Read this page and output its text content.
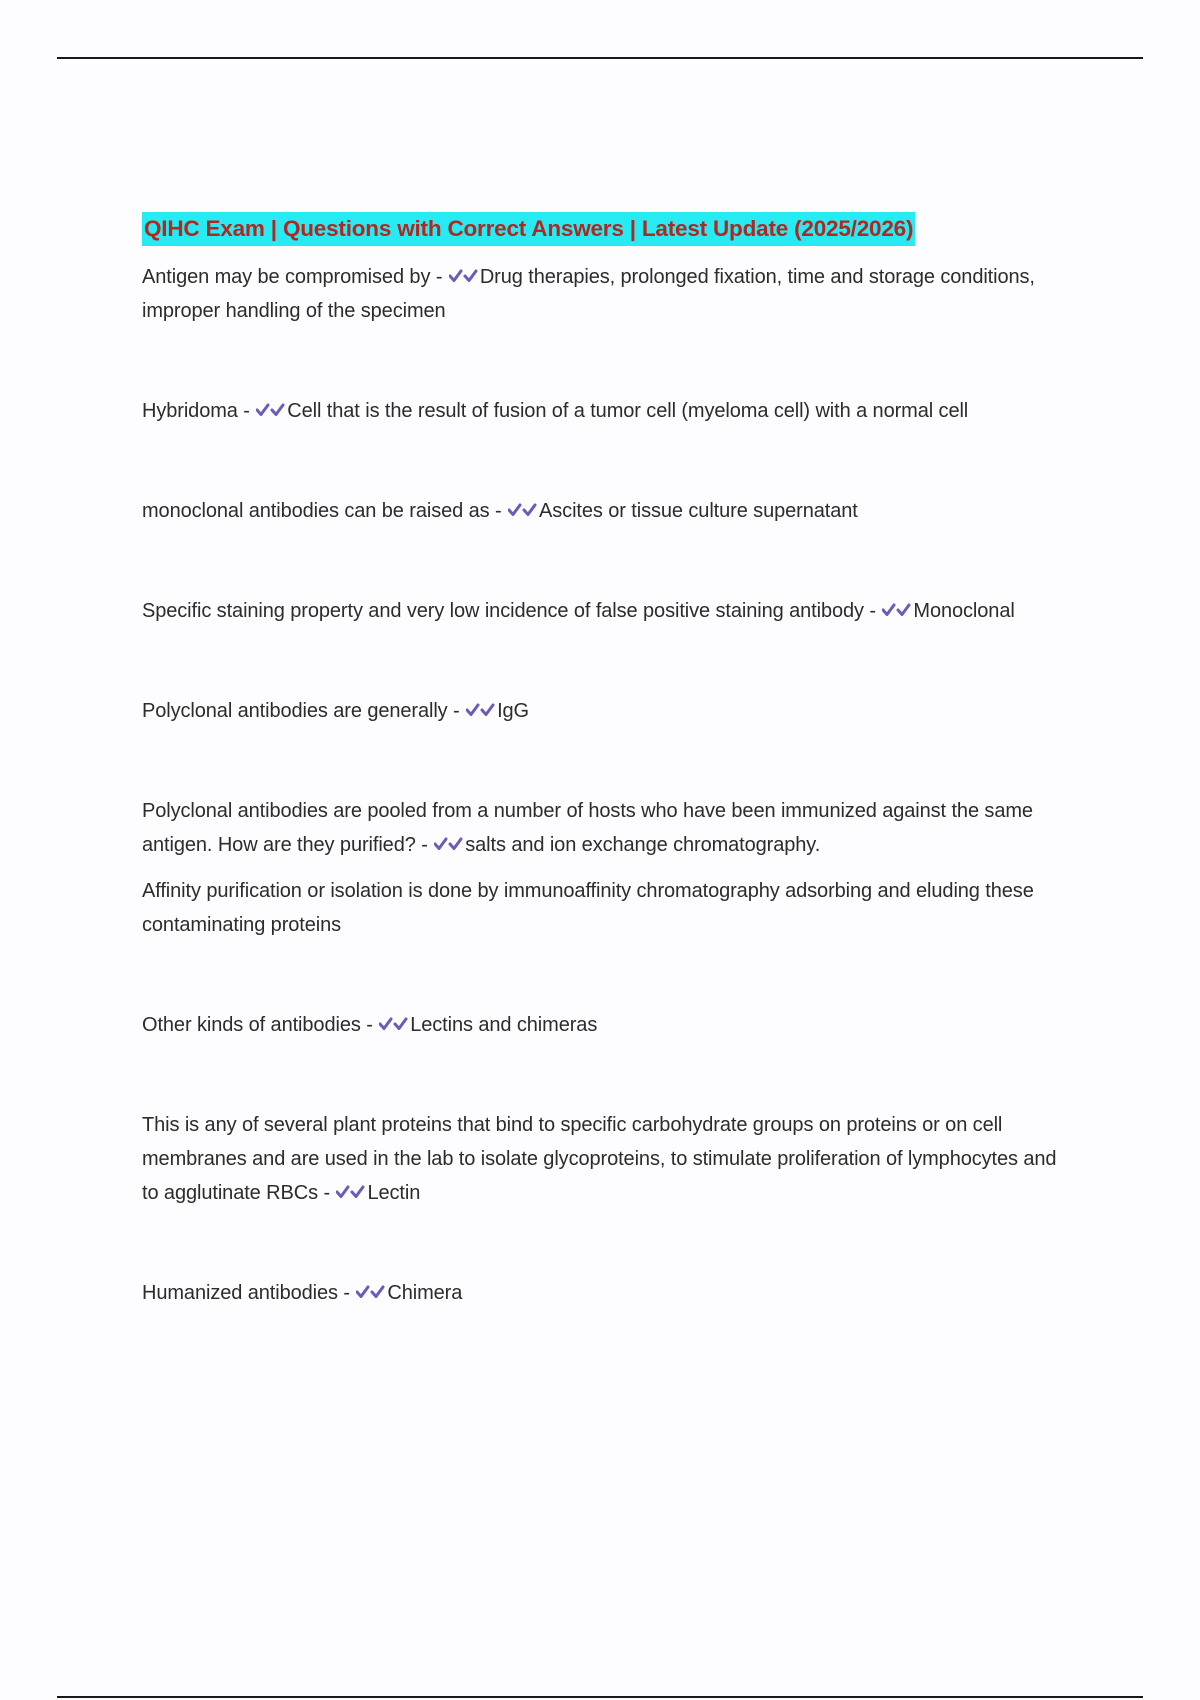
QIHC Exam | Questions with Correct Answers | Latest Update (2025/2026)

Antigen may be compromised by -
Drug therapies, prolonged fixation, time and storage conditions, improper handling of the specimen

Hybridoma -
Cell that is the result of fusion of a tumor cell (myeloma cell) with a normal cell

monoclonal antibodies can be raised as -
Ascites or tissue culture supernatant

Specific staining property and very low incidence of false positive staining antibody -
Monoclonal

Polyclonal antibodies are generally -
IgG

Polyclonal antibodies are pooled from a number of hosts who have been immunized against the same antigen. How are they purified? -
salts and ion exchange chromatography.

Affinity purification or isolation is done by immunoaffinity chromatography adsorbing and eluding these contaminating proteins

Other kinds of antibodies -
Lectins and chimeras

This is any of several plant proteins that bind to specific carbohydrate groups on proteins or on cell membranes and are used in the lab to isolate glycoproteins, to stimulate proliferation of lymphocytes and to agglutinate RBCs -
Lectin

Humanized antibodies -
Chimera
